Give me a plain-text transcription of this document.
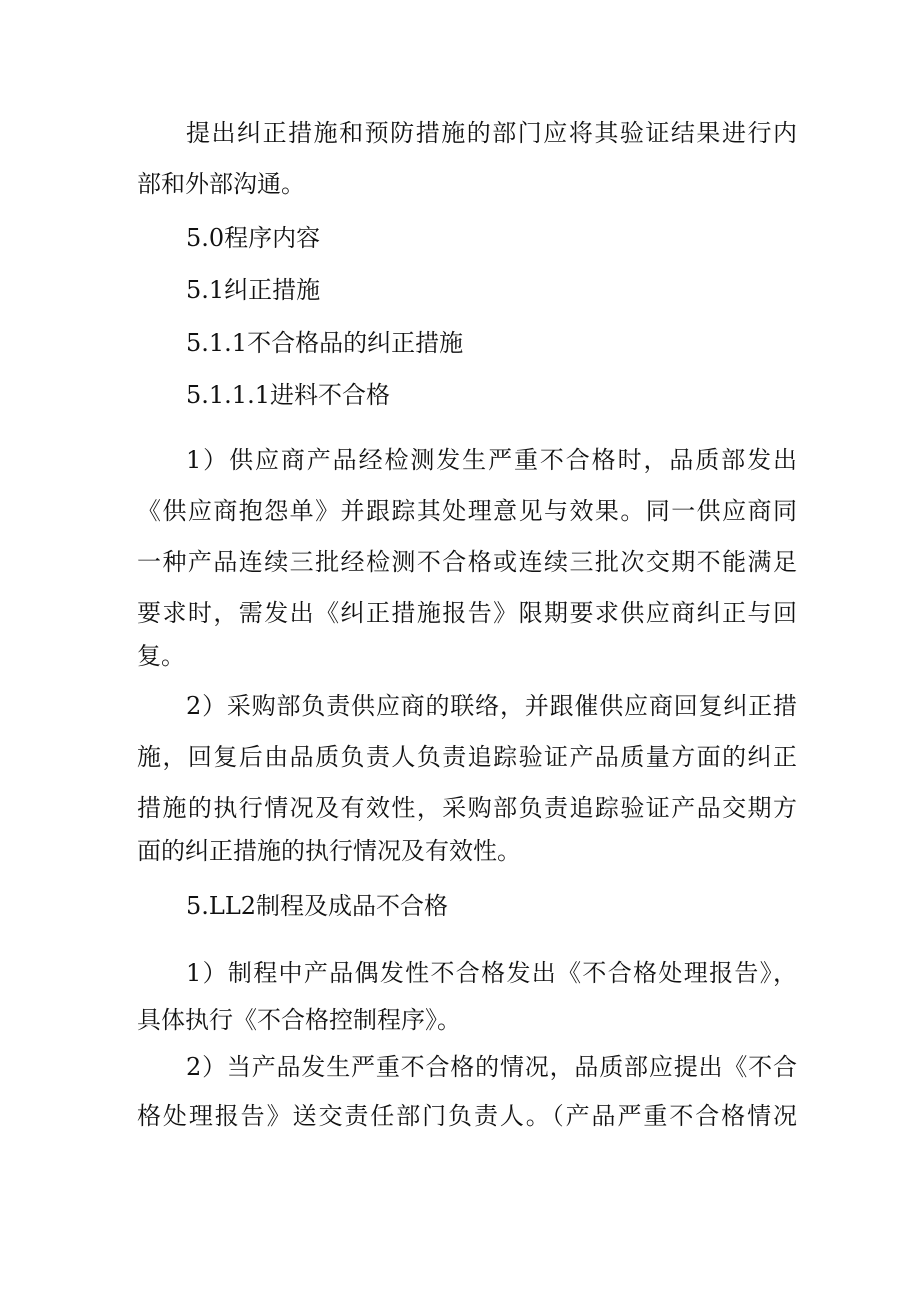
提出纠正措施和预防措施的部门应将其验证结果进行内
部和外部沟通。
5.0程序内容
5.1纠正措施
5.1.1不合格品的纠正措施
5.1.1.1进料不合格
1）供应商产品经检测发生严重不合格时，品质部发出
《供应商抱怨单》并跟踪其处理意见与效果。同一供应商同
一种产品连续三批经检测不合格或连续三批次交期不能满足
要求时，需发出《纠正措施报告》限期要求供应商纠正与回
复。
2）采购部负责供应商的联络，并跟催供应商回复纠正措
施，回复后由品质负责人负责追踪验证产品质量方面的纠正
措施的执行情况及有效性，采购部负责追踪验证产品交期方
面的纠正措施的执行情况及有效性。
5.LL2制程及成品不合格
1）制程中产品偶发性不合格发出《不合格处理报告》，
具体执行《不合格控制程序》。
2）当产品发生严重不合格的情况，品质部应提出《不合
格处理报告》送交责任部门负责人。（产品严重不合格情况
